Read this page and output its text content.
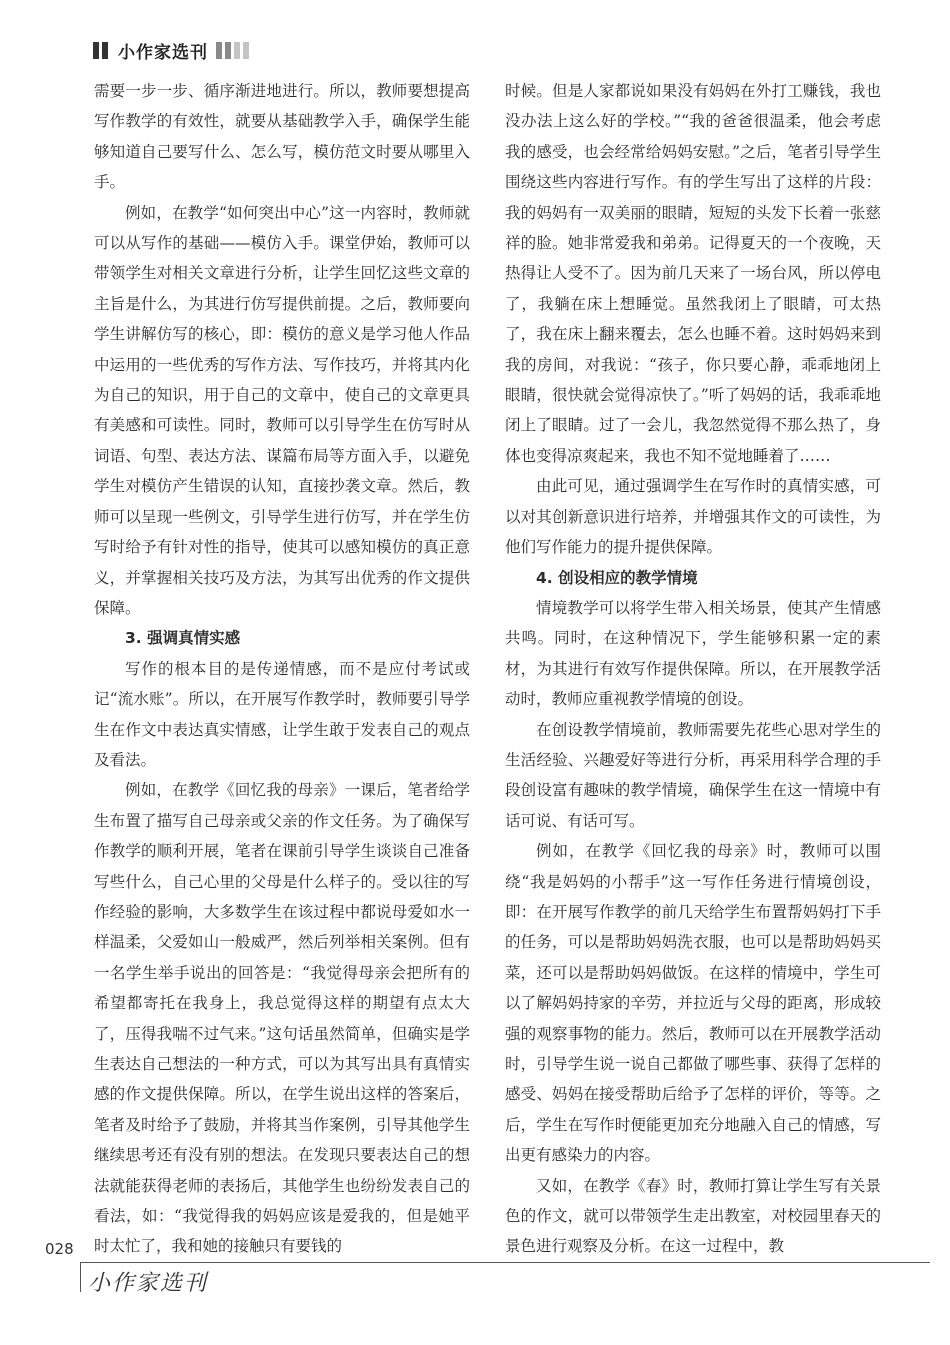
小作家选刊

需要一步一步、循序渐进地进行。所以，教师要想提高写作教学的有效性，就要从基础教学入手，确保学生能够知道自己要写什么、怎么写，模仿范文时要从哪里入手。

例如，在教学“如何突出中心”这一内容时，教师就可以从写作的基础——模仿入手。课堂伊始，教师可以带领学生对相关文章进行分析，让学生回忆这些文章的主旨是什么，为其进行仿写提供前提。之后，教师要向学生讲解仿写的核心，即：模仿的意义是学习他人作品中运用的一些优秀的写作方法、写作技巧，并将其内化为自己的知识，用于自己的文章中，使自己的文章更具有美感和可读性。同时，教师可以引导学生在仿写时从词语、句型、表达方法、谋篇布局等方面入手，以避免学生对模仿产生错误的认知，直接抄袭文章。然后，教师可以呈现一些例文，引导学生进行仿写，并在学生仿写时给予有针对性的指导，使其可以感知模仿的真正意义，并掌握相关技巧及方法，为其写出优秀的作文提供保障。

3. 强调真情实感

写作的根本目的是传递情感，而不是应付考试或记“流水账”。所以，在开展写作教学时，教师要引导学生在作文中表达真实情感，让学生敢于发表自己的观点及看法。

例如，在教学《回忆我的母亲》一课后，笔者给学生布置了描写自己母亲或父亲的作文任务。为了确保写作教学的顺利开展，笔者在课前引导学生谈谈自己准备写些什么，自己心里的父母是什么样子的。受以往的写作经验的影响，大多数学生在该过程中都说母爱如水一样温柔，父爱如山一般威严，然后列举相关案例。但有一名学生举手说出的回答是：“我觉得母亲会把所有的希望都寄托在我身上，我总觉得这样的期望有点太大了，压得我喘不过气来。”这句话虽然简单，但确实是学生表达自己想法的一种方式，可以为其写出具有真情实感的作文提供保障。所以，在学生说出这样的答案后，笔者及时给予了鼓励，并将其当作案例，引导其他学生继续思考还有没有别的想法。在发现只要表达自己的想法就能获得老师的表扬后，其他学生也纷纷发表自己的看法，如：“我觉得我的妈妈应该是爱我的，但是她平时太忙了，我和她的接触只有要钱的

时候。但是人家都说如果没有妈妈在外打工赚钱，我也没办法上这么好的学校。”“我的爸爸很温柔，他会考虑我的感受，也会经常给妈妈安慰。”之后，笔者引导学生围绕这些内容进行写作。有的学生写出了这样的片段：我的妈妈有一双美丽的眼睛，短短的头发下长着一张慈祥的脸。她非常爱我和弟弟。记得夏天的一个夜晚，天热得让人受不了。因为前几天来了一场台风，所以停电了，我躺在床上想睡觉。虽然我闭上了眼睛，可太热了，我在床上翻来覆去，怎么也睡不着。这时妈妈来到我的房间，对我说：“孩子，你只要心静，乖乖地闭上眼睛，很快就会觉得凉快了。”听了妈妈的话，我乖乖地闭上了眼睛。过了一会儿，我忽然觉得不那么热了，身体也变得凉爽起来，我也不知不觉地睡着了……

由此可见，通过强调学生在写作时的真情实感，可以对其创新意识进行培养，并增强其作文的可读性，为他们写作能力的提升提供保障。

4. 创设相应的教学情境

情境教学可以将学生带入相关场景，使其产生情感共鸣。同时，在这种情况下，学生能够积累一定的素材，为其进行有效写作提供保障。所以，在开展教学活动时，教师应重视教学情境的创设。

在创设教学情境前，教师需要先花些心思对学生的生活经验、兴趣爱好等进行分析，再采用科学合理的手段创设富有趣味的教学情境，确保学生在这一情境中有话可说、有话可写。

例如，在教学《回忆我的母亲》时，教师可以围绕“我是妈妈的小帮手”这一写作任务进行情境创设，即：在开展写作教学的前几天给学生布置帮妈妈打下手的任务，可以是帮助妈妈洗衣服，也可以是帮助妈妈买菜，还可以是帮助妈妈做饭。在这样的情境中，学生可以了解妈妈持家的辛劳，并拉近与父母的距离，形成较强的观察事物的能力。然后，教师可以在开展教学活动时，引导学生说一说自己都做了哪些事、获得了怎样的感受、妈妈在接受帮助后给予了怎样的评价，等等。之后，学生在写作时便能更加充分地融入自己的情感，写出更有感染力的内容。

又如，在教学《春》时，教师打算让学生写有关景色的作文，就可以带领学生走出教室，对校园里春天的景色进行观察及分析。在这一过程中，教

028
小作家选刊
